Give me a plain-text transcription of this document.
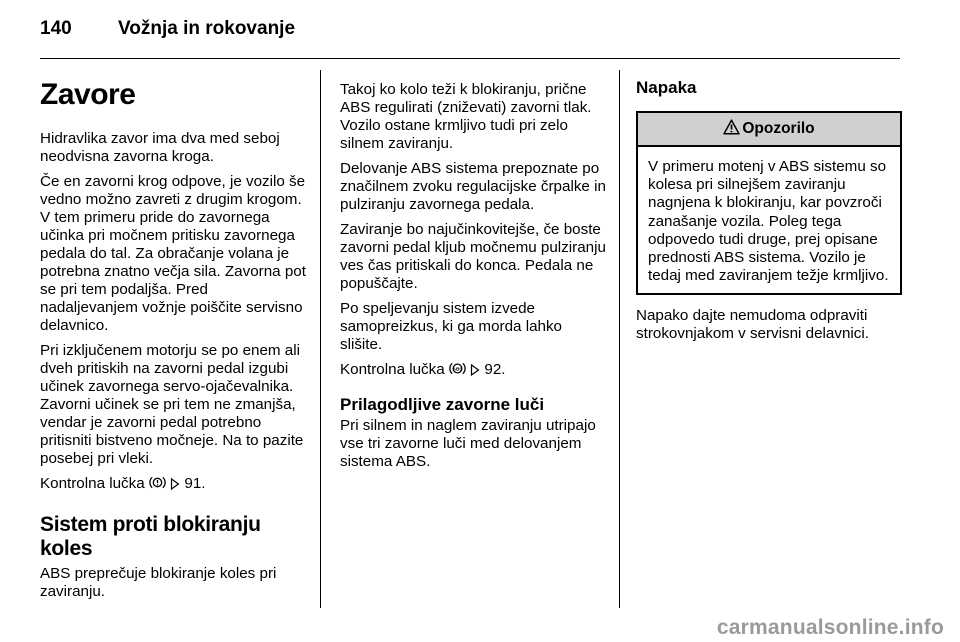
140 Vožnja in rokovanje
Zavore

Hidravlika zavor ima dva med seboj neodvisna zavorna kroga.

Če en zavorni krog odpove, je vozilo še vedno možno zavreti z drugim krogom. V tem primeru pride do zavornega učinka pri močnem pritisku zavornega pedala do tal. Za obračanje volana je potrebna znatno večja sila. Zavorna pot se pri tem podaljša. Pred nadaljevanjem vožnje poiščite servisno delavnico.

Pri izključenem motorju se po enem ali dveh pritiskih na zavorni pedal izgubi učinek zavornega servo-ojačevalnika. Zavorni učinek se pri tem ne zmanjša, vendar je zavorni pedal potrebno pritisniti bistveno močneje. Na to pazite posebej pri vleki.

Kontrolna lučka	91.

Sistem proti blokiranju koles

ABS preprečuje blokiranje koles pri zaviranju.

Takoj ko kolo teži k blokiranju, prične ABS regulirati (zniževati) zavorni tlak. Vozilo ostane krmljivo tudi pri zelo silnem zaviranju.

Delovanje ABS sistema prepoznate po značilnem zvoku regulacijske črpalke in pulziranju zavornega pedala.

Zaviranje bo najučinkovitejše, če boste zavorni pedal kljub močnemu pulziranju ves čas pritiskali do konca. Pedala ne popuščajte.

Po speljevanju sistem izvede samopreizkus, ki ga morda lahko slišite.

Kontrolna lučka ABS 92.

Prilagodljive zavorne luči

Pri silnem in naglem zaviranju utripajo vse tri zavorne luči med delovanjem sistema ABS.

Napaka
Opozorilo
V primeru motenj v ABS sistemu so kolesa pri silnejšem zaviranju nagnjena k blokiranju, kar povzroči zanašanje vozila. Poleg tega odpovedo tudi druge, prej opisane prednosti ABS sistema. Vozilo je tedaj med zaviranjem težje krmljivo.

Napako dajte nemudoma odpraviti strokovnjakom v servisni delavnici.

carmanualsonline.info
